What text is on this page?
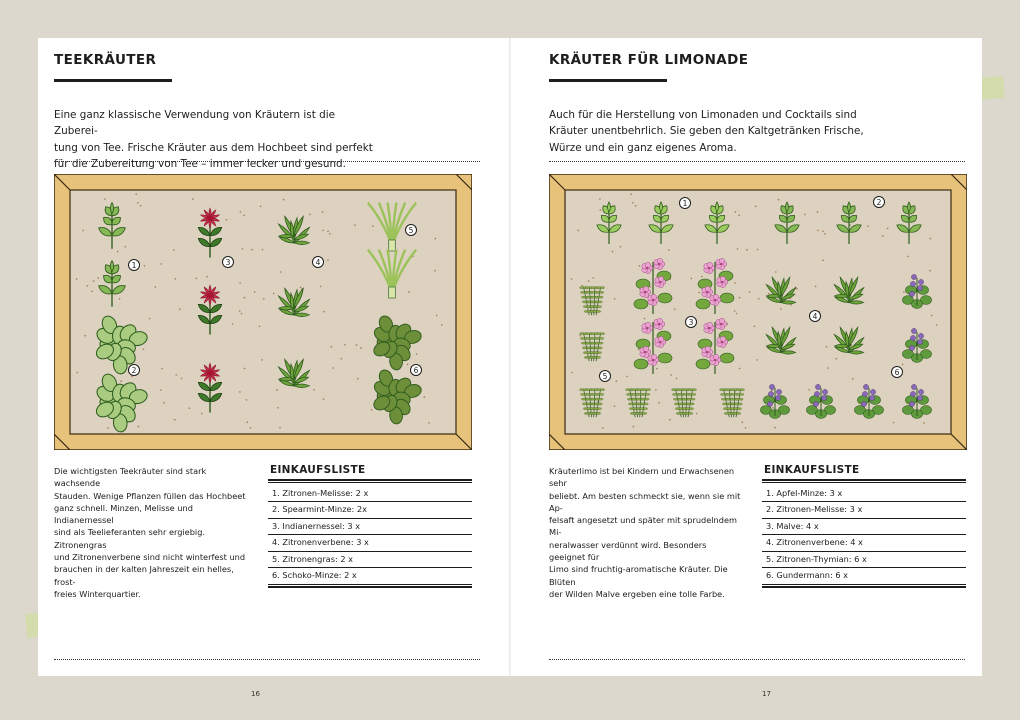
TEEKRÄUTER

Eine ganz klassische Verwendung von Kräutern ist die Zuberei-
tung von Tee. Frische Kräuter aus dem Hochbeet sind perfekt
für die Zubereitung von Tee – immer lecker und gesund.

1
2
3	4
5
6

Die wichtigsten Teekräuter sind stark wachsende
Stauden. Wenige Pflanzen füllen das Hochbeet
ganz schnell. Minzen, Melisse und Indianernessel
sind als Teelieferanten sehr ergiebig. Zitronengras
und Zitronenverbene sind nicht winterfest und
brauchen in der kalten Jahreszeit ein helles, frost-
freies Winterquartier.

EINKAUFSLISTE
1. Zitronen-Melisse: 2 x
2. Spearmint-Minze: 2x
3. Indianernessel: 3 x
4. Zitronenverbene: 3 x
5. Zitronengras: 2 x
6. Schoko-Minze: 2 x
KRÄUTER FÜR LIMONADE

Auch für die Herstellung von Limonaden und Cocktails sind
Kräuter unentbehrlich. Sie geben den Kaltgetränken Frische,
Würze und ein ganz eigenes Aroma.

1	2
3
4
5	6

Kräuterlimo ist bei Kindern und Erwachsenen sehr
beliebt. Am besten schmeckt sie, wenn sie mit Ap-
felsaft angesetzt und später mit sprudelndem Mi-
neralwasser verdünnt wird. Besonders geeignet für
Limo sind fruchtig-aromatische Kräuter. Die Blüten
der Wilden Malve ergeben eine tolle Farbe.

EINKAUFSLISTE
1. Apfel-Minze: 3 x
2. Zitronen-Melisse: 3 x
3. Malve: 4 x
4. Zitronenverbene: 4 x
5. Zitronen-Thymian: 6 x
6. Gundermann: 6 x
16	17
